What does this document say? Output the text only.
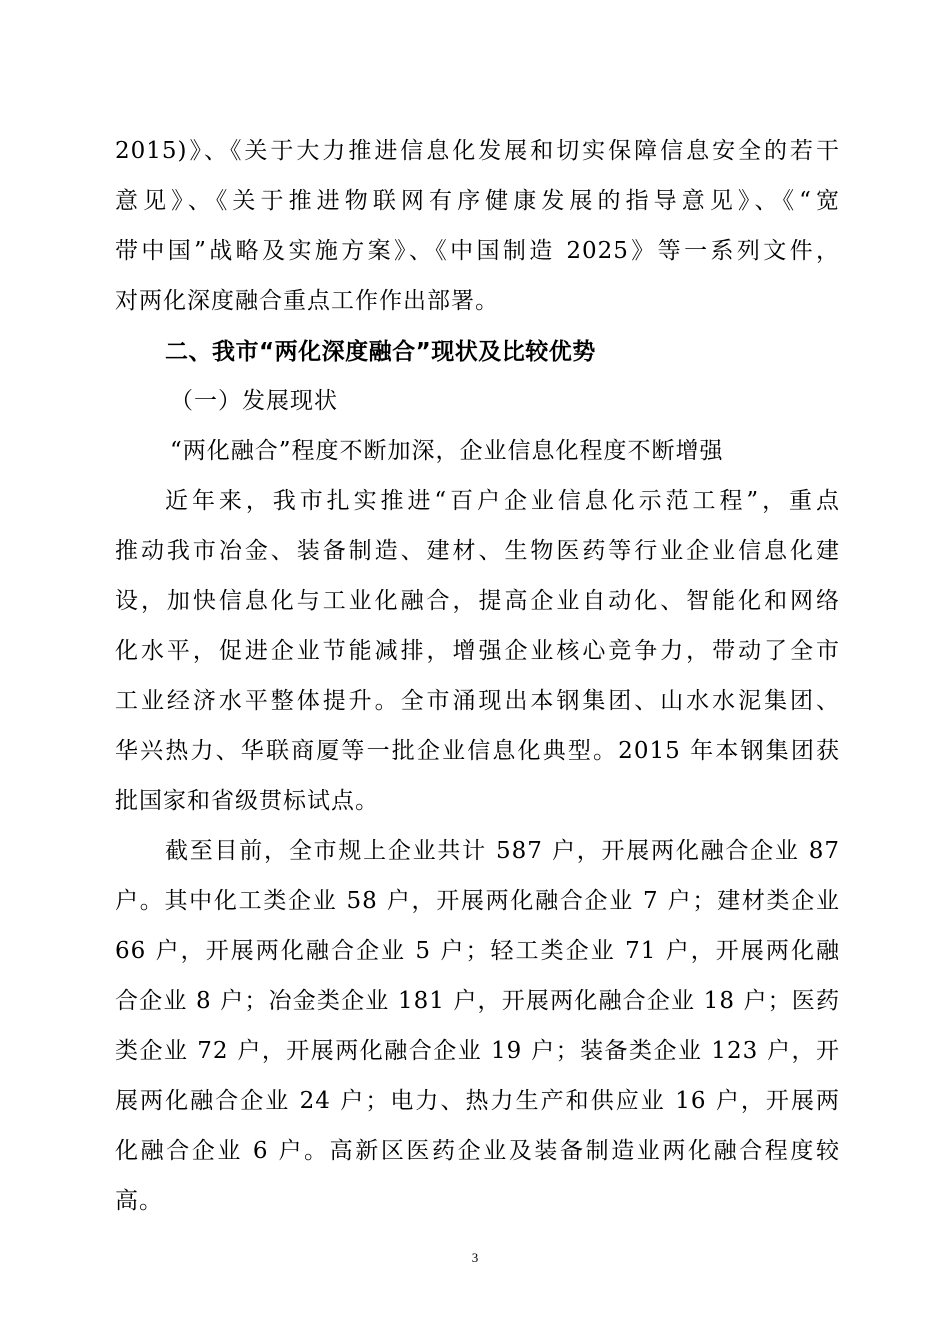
2015)》、《关于大力推进信息化发展和切实保障信息安全的若干
意见》、《关于推进物联网有序健康发展的指导意见》、《“宽
带中国”战略及实施方案》、《中国制造 2025》等一系列文件，
对两化深度融合重点工作作出部署。
二、我市“两化深度融合”现状及比较优势
（一）发展现状
“两化融合”程度不断加深，企业信息化程度不断增强
近年来，我市扎实推进“百户企业信息化示范工程”，重点
推动我市冶金、装备制造、建材、生物医药等行业企业信息化建
设，加快信息化与工业化融合，提高企业自动化、智能化和网络
化水平，促进企业节能减排，增强企业核心竞争力，带动了全市
工业经济水平整体提升。全市涌现出本钢集团、山水水泥集团、
华兴热力、华联商厦等一批企业信息化典型。2015 年本钢集团获
批国家和省级贯标试点。
截至目前，全市规上企业共计 587 户，开展两化融合企业 87
户。其中化工类企业 58 户，开展两化融合企业 7 户；建材类企业
66 户，开展两化融合企业 5 户；轻工类企业 71 户，开展两化融
合企业 8 户；冶金类企业 181 户，开展两化融合企业 18 户；医药
类企业 72 户，开展两化融合企业 19 户；装备类企业 123 户，开
展两化融合企业 24 户；电力、热力生产和供应业 16 户，开展两
化融合企业 6 户。高新区医药企业及装备制造业两化融合程度较
高。
3
